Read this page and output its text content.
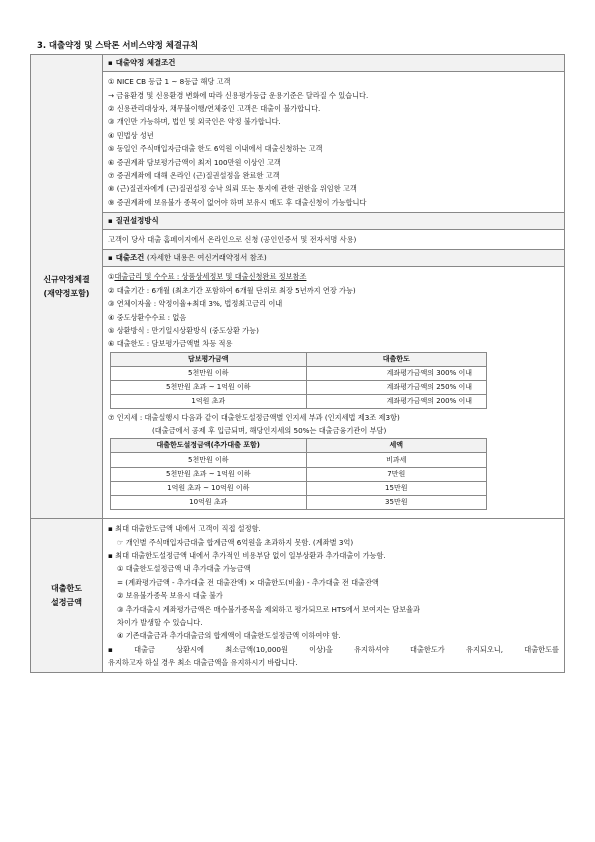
3. 대출약정 및 스탁론 서비스약정 체결규칙
신규약정체결
(재약정포함)
	▪ 대출약정 체결조건

① NICE CB 등급 1 ~ 8등급 해당 고객
→ 금융환경 및 신용환경 변화에 따라 신용평가등급 운용기준은 달라질 수 있습니다.
② 신용관리대상자, 채무불이행/연체중인 고객은 대출이 불가합니다.
③ 개인만 가능하며, 법인 및 외국인은 약정 불가합니다.
④ 민법상 성년
⑤ 동일인 주식매입자금대출 한도 6억원 이내에서 대출신청하는 고객
⑥ 증권계좌 담보평가금액이 최저 100만원 이상인 고객
⑦ 증권계좌에 대해 온라인 (근)질권설정을 완료한 고객
⑧ (근)질권자에게 (근)질권설정 승낙 의뢰 또는 통지에 관한 권한을 위임한 고객
⑨ 증권계좌에 보유불가 종목이 없어야 하며 보유시 매도 후 대출신청이 가능합니다

▪ 질권설정방식

고객이 당사 대출 홈페이지에서 온라인으로 신청 (공인인증서 및 전자서명 사용)

▪ 대출조건 (자세한 내용은 여신거래약정서 참조)

① 대출금리 및 수수료 : 상품상세정보 및 대출신청완료 정보참조
② 대출기간 : 6개월 (최초기간 포함하여 6개월 단위로 최장 5년까지 연장 가능)
③ 연체이자율 : 약정이율+최대 3%, 법정최고금리 이내
④ 중도상환수수료 : 없음
⑤ 상환방식 : 만기일시상환방식 (중도상환 가능)
⑥ 대출한도 : 담보평가금액별 차등 적용
담보평가금액	대출한도
5천만원 이하	계좌평가금액의 300% 이내
5천만원 초과 ~ 1억원 이하	계좌평가금액의 250% 이내
1억원 초과	계좌평가금액의 200% 이내
⑦ 인지세 : 대출실행시 다음과 같이 대출한도설정금액별 인지세 부과 (인지세법 제3조 제3항)
(대출금에서 공제 후 입금되며, 해당인지세의 50%는 대출금융기관이 부담)
대출한도설정금액(추가대출 포함)	세액
5천만원 이하	비과세
5천만원 초과 ~ 1억원 이하	7만원
1억원 초과 ~ 10억원 이하	15만원
10억원 초과	35만원

대출한도
설정금액

▪
최대 대출한도금액 내에서 고객이 직접 설정함.
☞ 개인별 주식매입자금대출 합계금액 6억원을 초과하지 못함. (계좌별 3억)
▪
최대 대출한도설정금액 내에서 추가적인 비용부담 없이 일부상환과 추가대출이 가능함.
① 대출한도설정금액 내 추가대출 가능금액
= (계좌평가금액 - 추가대출 전 대출잔액) × 대출한도(비율) - 추가대출 전 대출잔액
② 보유불가종목 보유시 대출 불가
③ 추가대출시 계좌평가금액은 매수불가종목을 제외하고 평가되므로 HTS에서 보여지는 담보율과
차이가 발생할 수 있습니다.
④ 기존대출금과 추가대출금의 합계액이 대출한도설정금액 이하여야 함.
▪	대출금	상환시에	최소금액(10,000원	이상)을	유지하셔야	대출한도가	유지되오니,	대출한도를
유지하고자 하실 경우 최소 대출금액을 유지하시기 바랍니다.
